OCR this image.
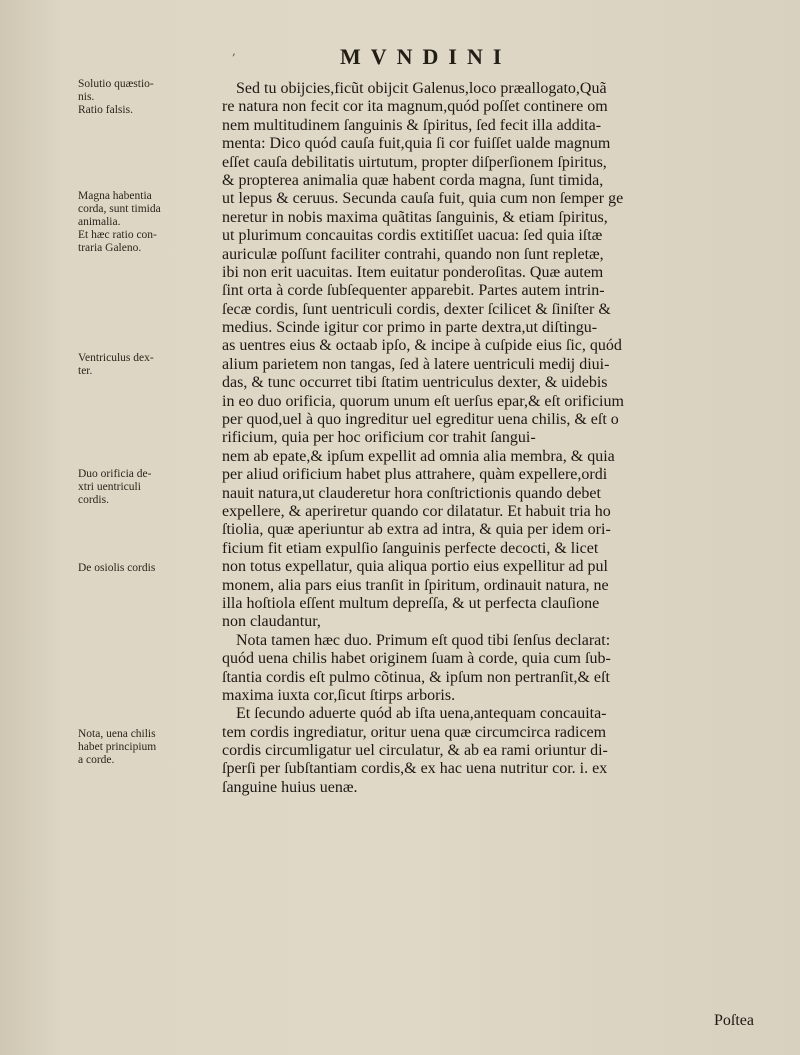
,	MVNDINI
Solutio quæstio-
nis.
Ratio falsis.
Magna habentia
corda, sunt timida
animalia.
Et hæc ratio con-
traria Galeno.
Ventriculus dex-
ter.
Duo orificia de-
xtri uentriculi
cordis.
De osiolis cordis
Nota, uena chilis
habet principium
a corde.
Sed tu obijcies,ficũt obijcit Galenus,loco præallogato,Quã
re natura non fecit cor ita magnum,quód poſſet continere om
nem multitudinem ſanguinis & ſpiritus, ſed fecit illa addita-
menta: Dico quód cauſa fuit,quia ſi cor fuiſſet ualde magnum
eſſet cauſa debilitatis uirtutum, propter diſperſionem ſpiritus,
& propterea animalia quæ habent corda magna, ſunt timida,
ut lepus & ceruus. Secunda cauſa fuit, quia cum non ſemper ge
neretur in nobis maxima quãtitas ſanguinis, & etiam ſpiritus,
ut plurimum concauitas cordis extitiſſet uacua: ſed quia iſtæ
auriculæ poſſunt faciliter contrahi, quando non ſunt repletæ,
ibi non erit uacuitas. Item euitatur ponderoſitas. Quæ autem
ſint orta à corde ſubſequenter apparebit. Partes autem intrin-
ſecæ cordis, ſunt uentriculi cordis, dexter ſcilicet & ſiniſter &
medius. Scinde igitur cor primo in parte dextra,ut diſtingu-
as uentres eius & octaab ipſo, & incipe à cuſpide eius ſic, quód
alium parietem non tangas, ſed à latere uentriculi medij diui-
das, & tunc occurret tibi ſtatim uentriculus dexter, & uidebis
in eo duo orificia, quorum unum eſt uerſus epar,& eſt orificium
per quod,uel à quo ingreditur uel egreditur uena chilis, & eſt o
rificium, quia per hoc orificium cor trahit ſangui-
nem ab epate,& ipſum expellit ad omnia alia membra, & quia
per aliud orificium habet plus attrahere, quàm expellere,ordi
nauit natura,ut clauderetur hora conſtrictionis quando debet
expellere, & aperiretur quando cor dilatatur. Et habuit tria ho
ſtiolia, quæ aperiuntur ab extra ad intra, & quia per idem ori-
ficium fit etiam expulſio ſanguinis perfecte decocti, & licet
non totus expellatur, quia aliqua portio eius expellitur ad pul
monem, alia pars eius tranſit in ſpiritum, ordinauit natura, ne
illa hoſtiola eſſent multum depreſſa, & ut perfecta clauſione
non claudantur,
Nota tamen hæc duo. Primum eſt quod tibi ſenſus declarat:
quód uena chilis habet originem ſuam à corde, quia cum ſub-
ſtantia cordis eſt pulmo cõtinua, & ipſum non pertranſit,& eſt
maxima iuxta cor,ſicut ſtirps arboris.
Et ſecundo aduerte quód ab iſta uena,antequam concauita-
tem cordis ingrediatur, oritur uena quæ circumcirca radicem
cordis circumligatur uel circulatur, & ab ea rami oriuntur di-
ſperſi per ſubſtantiam cordis,& ex hac uena nutritur cor. i. ex
ſanguine huius uenæ.
Poſtea
